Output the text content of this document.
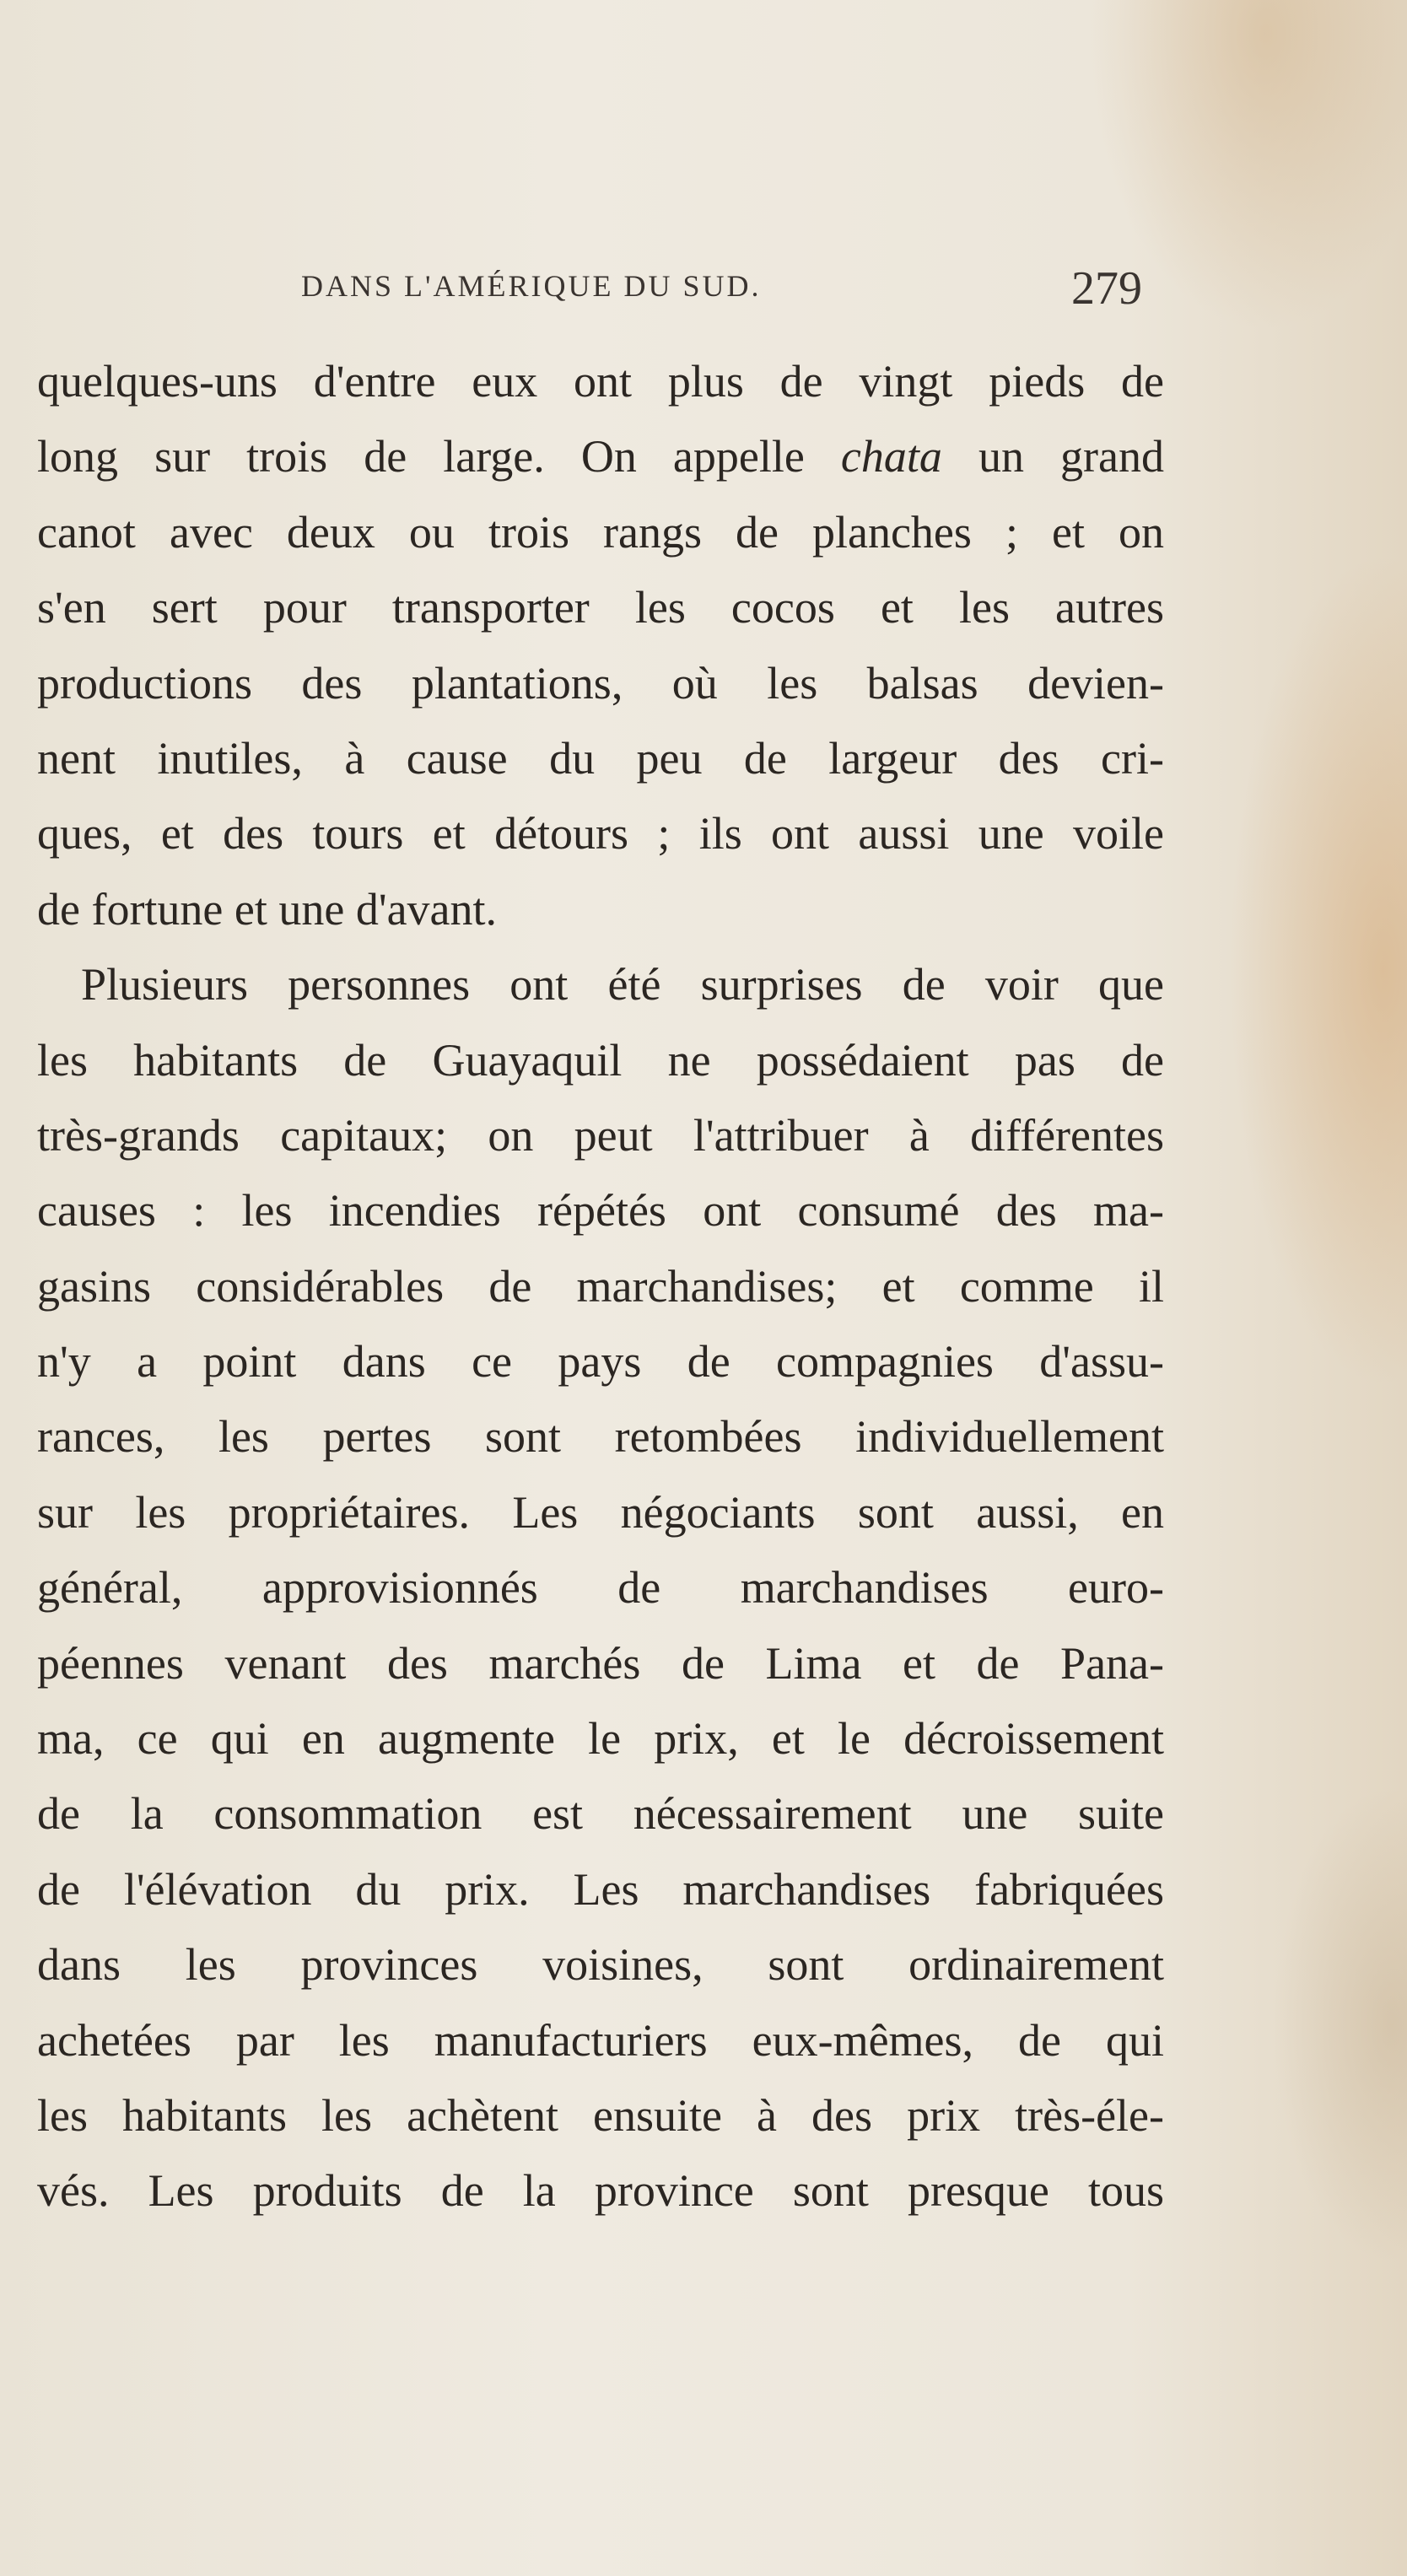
DANS L'AMÉRIQUE DU SUD.	279
quelques-uns d'entre eux ont plus de vingt pieds de
long sur trois de large. On appelle chata un grand
canot avec deux ou trois rangs de planches ; et on
s'en sert pour transporter les cocos et les autres
productions des plantations, où les balsas devien-
nent inutiles, à cause du peu de largeur des cri-
ques, et des tours et détours ; ils ont aussi une voile
de fortune et une d'avant.
Plusieurs personnes ont été surprises de voir que
les habitants de Guayaquil ne possédaient pas de
très-grands capitaux; on peut l'attribuer à différentes
causes : les incendies répétés ont consumé des ma-
gasins considérables de marchandises; et comme il
n'y a point dans ce pays de compagnies d'assu-
rances, les pertes sont retombées individuellement
sur les propriétaires. Les négociants sont aussi, en
général, approvisionnés de marchandises euro-
péennes venant des marchés de Lima et de Pana-
ma, ce qui en augmente le prix, et le décroissement
de la consommation est nécessairement une suite
de l'élévation du prix. Les marchandises fabriquées
dans les provinces voisines, sont ordinairement
achetées par les manufacturiers eux-mêmes, de qui
les habitants les achètent ensuite à des prix très-éle-
vés. Les produits de la province sont presque tous
